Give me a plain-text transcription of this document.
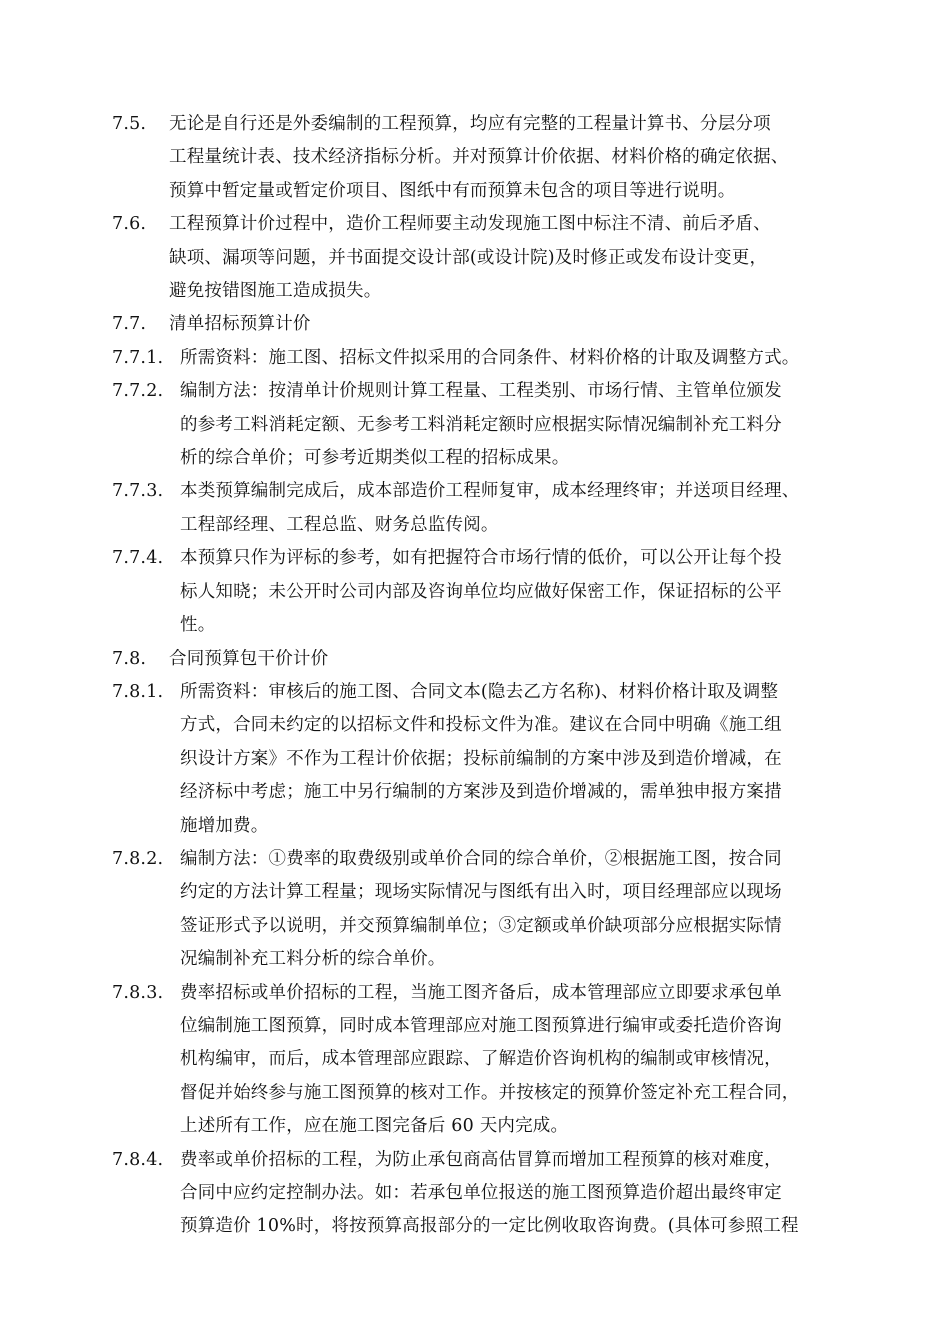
7.5. 无论是自行还是外委编制的工程预算，均应有完整的工程量计算书、分层分项
工程量统计表、技术经济指标分析。并对预算计价依据、材料价格的确定依据、
预算中暂定量或暂定价项目、图纸中有而预算未包含的项目等进行说明。
7.6. 工程预算计价过程中，造价工程师要主动发现施工图中标注不清、前后矛盾、
缺项、漏项等问题，并书面提交设计部(或设计院)及时修正或发布设计变更，
避免按错图施工造成损失。
7.7. 清单招标预算计价
7.7.1. 所需资料：施工图、招标文件拟采用的合同条件、材料价格的计取及调整方式。
7.7.2. 编制方法：按清单计价规则计算工程量、工程类别、市场行情、主管单位颁发
的参考工料消耗定额、无参考工料消耗定额时应根据实际情况编制补充工料分
析的综合单价；可参考近期类似工程的招标成果。
7.7.3. 本类预算编制完成后，成本部造价工程师复审，成本经理终审；并送项目经理、
工程部经理、工程总监、财务总监传阅。
7.7.4. 本预算只作为评标的参考，如有把握符合市场行情的低价，可以公开让每个投
标人知晓；未公开时公司内部及咨询单位均应做好保密工作，保证招标的公平
性。
7.8. 合同预算包干价计价
7.8.1. 所需资料：审核后的施工图、合同文本(隐去乙方名称)、材料价格计取及调整
方式，合同未约定的以招标文件和投标文件为准。建议在合同中明确《施工组
织设计方案》不作为工程计价依据；投标前编制的方案中涉及到造价增减，在
经济标中考虑；施工中另行编制的方案涉及到造价增减的，需单独申报方案措
施增加费。
7.8.2. 编制方法：①费率的取费级别或单价合同的综合单价，②根据施工图，按合同
约定的方法计算工程量；现场实际情况与图纸有出入时，项目经理部应以现场
签证形式予以说明，并交预算编制单位；③定额或单价缺项部分应根据实际情
况编制补充工料分析的综合单价。
7.8.3. 费率招标或单价招标的工程，当施工图齐备后，成本管理部应立即要求承包单
位编制施工图预算，同时成本管理部应对施工图预算进行编审或委托造价咨询
机构编审，而后，成本管理部应跟踪、了解造价咨询机构的编制或审核情况，
督促并始终参与施工图预算的核对工作。并按核定的预算价签定补充工程合同，
上述所有工作，应在施工图完备后 60 天内完成。
7.8.4. 费率或单价招标的工程，为防止承包商高估冒算而增加工程预算的核对难度，
合同中应约定控制办法。如：若承包单位报送的施工图预算造价超出最终审定
预算造价 10%时，将按预算高报部分的一定比例收取咨询费。(具体可参照工程
